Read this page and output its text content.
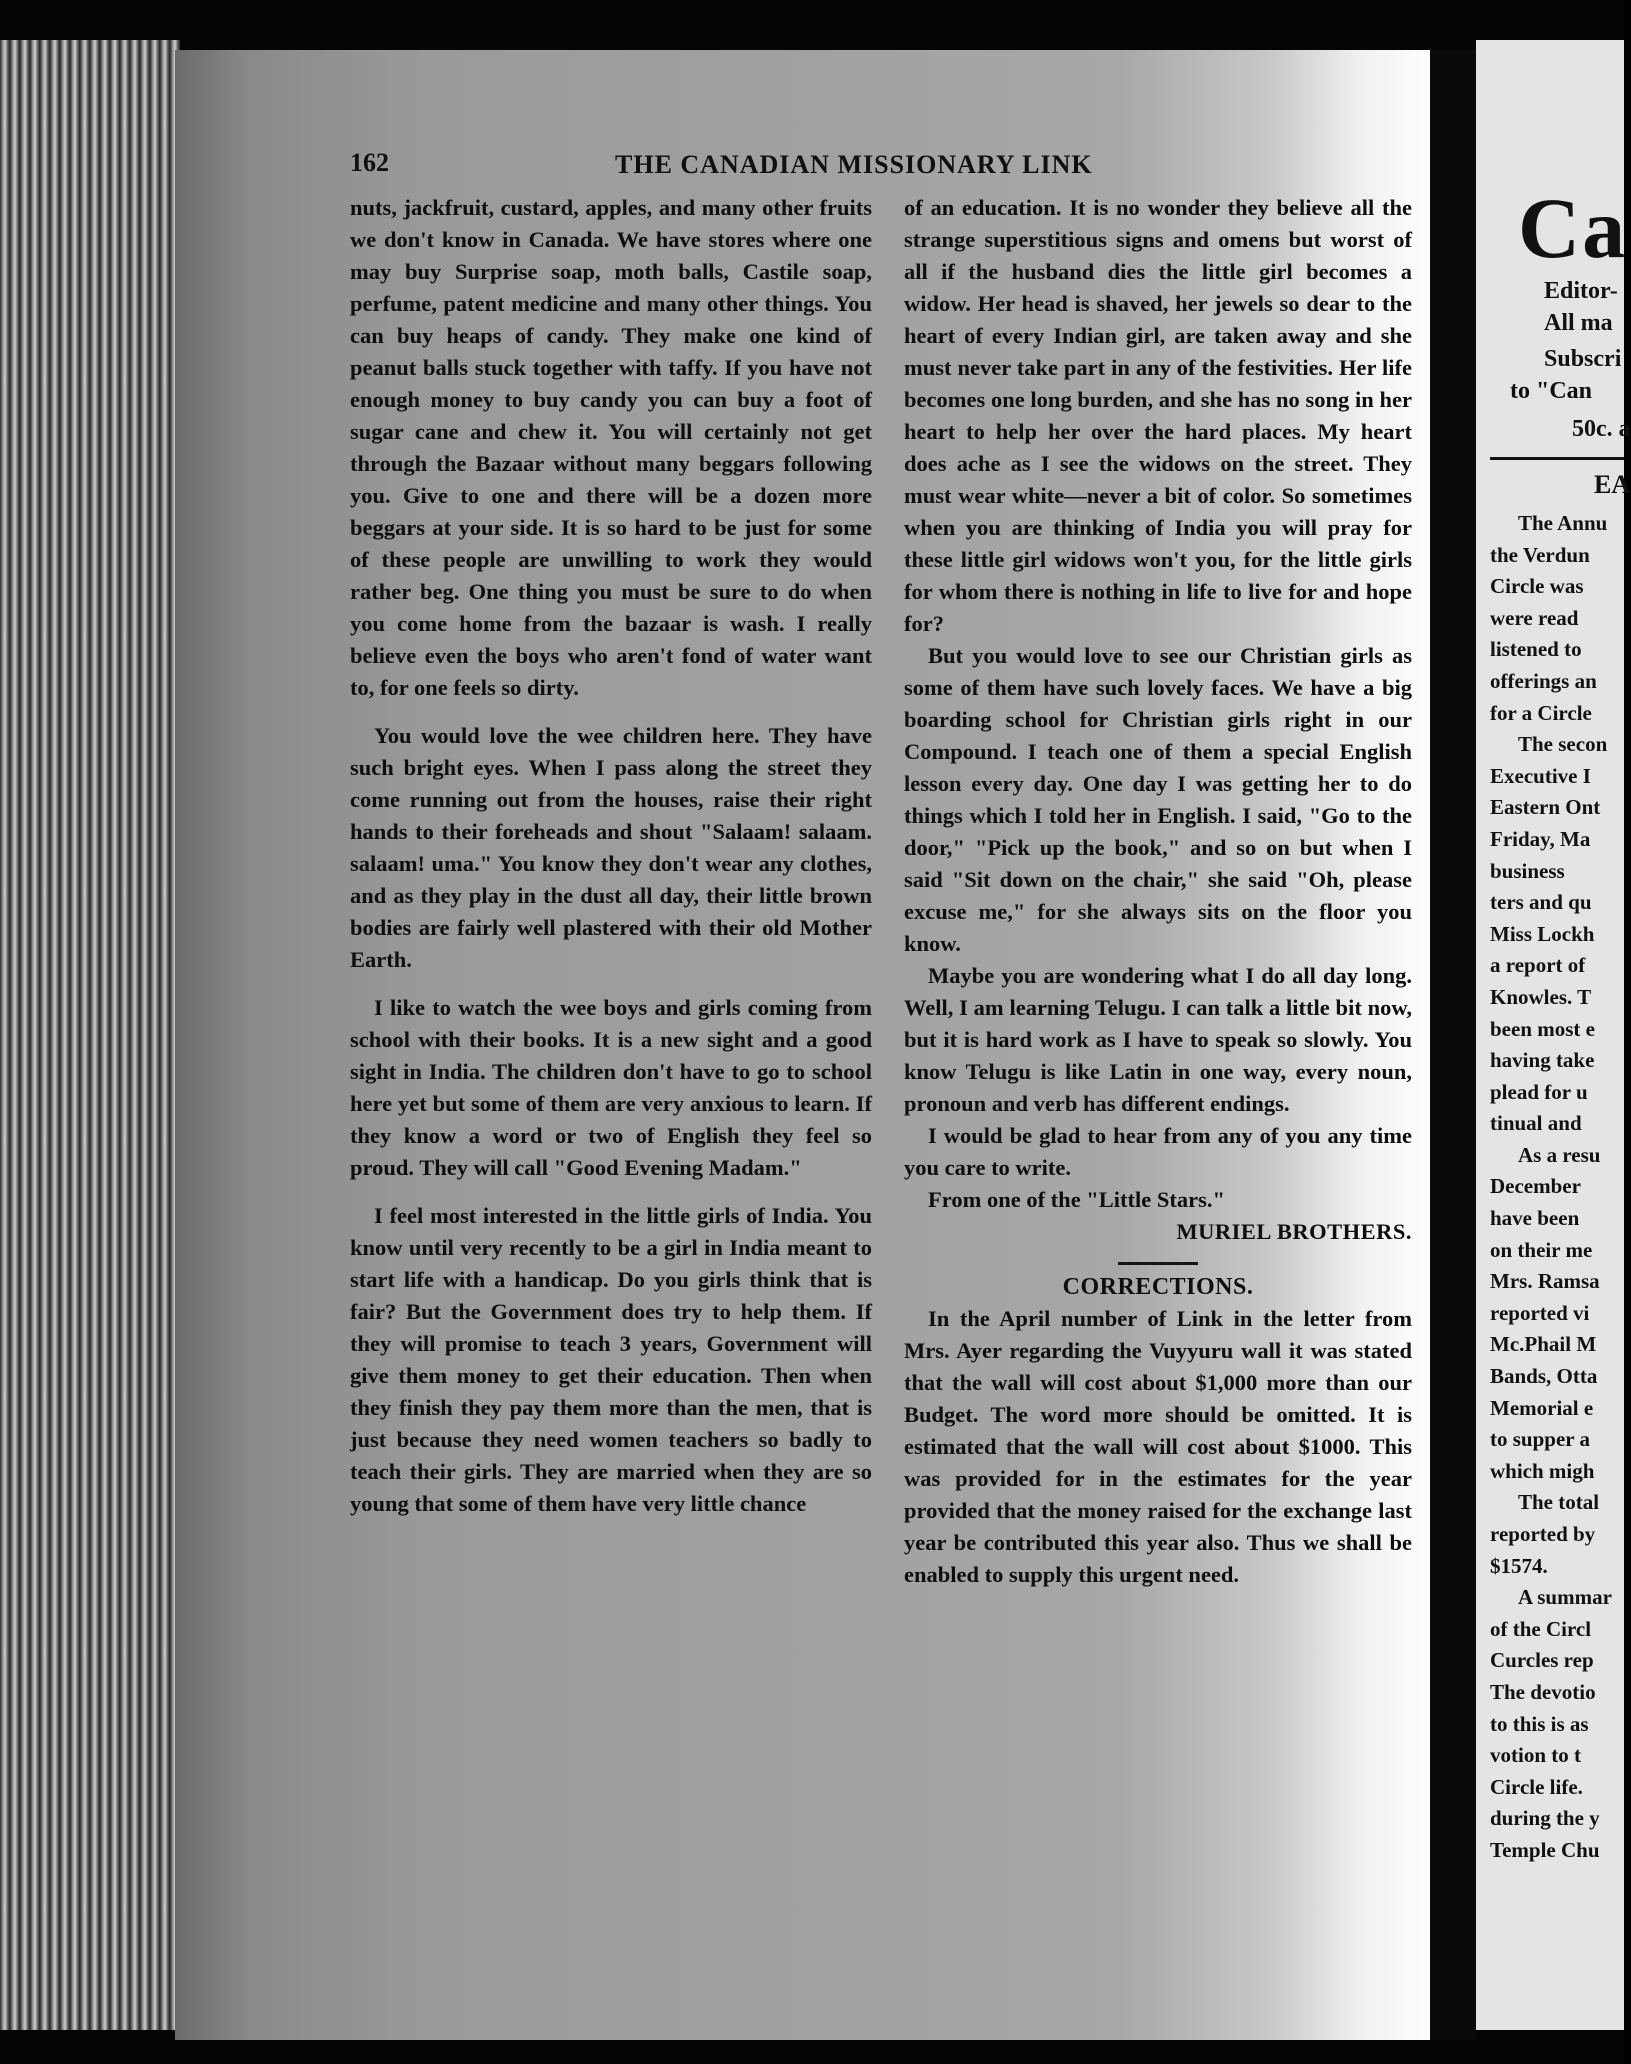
162	THE CANADIAN MISSIONARY LINK

nuts, jackfruit, custard, apples, and many other fruits we don't know in Canada. We have stores where one may buy Surprise soap, moth balls, Castile soap, perfume, patent medicine and many other things. You can buy heaps of candy. They make one kind of peanut balls stuck together with taffy. If you have not enough money to buy candy you can buy a foot of sugar cane and chew it. You will certainly not get through the Bazaar without many beggars following you. Give to one and there will be a dozen more beggars at your side. It is so hard to be just for some of these people are unwilling to work they would rather beg. One thing you must be sure to do when you come home from the bazaar is wash. I really believe even the boys who aren't fond of water want to, for one feels so dirty.

You would love the wee children here. They have such bright eyes. When I pass along the street they come running out from the houses, raise their right hands to their foreheads and shout "Salaam! salaam. salaam! uma." You know they don't wear any clothes, and as they play in the dust all day, their little brown bodies are fairly well plastered with their old Mother Earth.

I like to watch the wee boys and girls coming from school with their books. It is a new sight and a good sight in India. The children don't have to go to school here yet but some of them are very anxious to learn. If they know a word or two of English they feel so proud. They will call "Good Evening Madam."

I feel most interested in the little girls of India. You know until very recently to be a girl in India meant to start life with a handicap. Do you girls think that is fair? But the Government does try to help them. If they will promise to teach 3 years, Government will give them money to get their education. Then when they finish they pay them more than the men, that is just because they need women teachers so badly to teach their girls. They are married when they are so young that some of them have very little chance

of an education. It is no wonder they believe all the strange superstitious signs and omens but worst of all if the husband dies the little girl becomes a widow. Her head is shaved, her jewels so dear to the heart of every Indian girl, are taken away and she must never take part in any of the festivities. Her life becomes one long burden, and she has no song in her heart to help her over the hard places. My heart does ache as I see the widows on the street. They must wear white—never a bit of color. So sometimes when you are thinking of India you will pray for these little girl widows won't you, for the little girls for whom there is nothing in life to live for and hope for?

But you would love to see our Christian girls as some of them have such lovely faces. We have a big boarding school for Christian girls right in our Compound. I teach one of them a special English lesson every day. One day I was getting her to do things which I told her in English. I said, "Go to the door," "Pick up the book," and so on but when I said "Sit down on the chair," she said "Oh, please excuse me," for she always sits on the floor you know.

Maybe you are wondering what I do all day long. Well, I am learning Telugu. I can talk a little bit now, but it is hard work as I have to speak so slowly. You know Telugu is like Latin in one way, every noun, pronoun and verb has different endings.

I would be glad to hear from any of you any time you care to write.

From one of the "Little Stars."

MURIEL BROTHERS.

CORRECTIONS.

In the April number of Link in the letter from Mrs. Ayer regarding the Vuyyuru wall it was stated that the wall will cost about $1,000 more than our Budget. The word more should be omitted. It is estimated that the wall will cost about $1000. This was provided for in the estimates for the year provided that the money raised for the exchange last year be contributed this year also. Thus we shall be enabled to supply this urgent need.

Ca
Editor-
All ma
Subscri
to "Can
50c. a
EA
The Annu
the Verdun
Circle was
were read
listened to
offerings an
for a Circle
The secon
Executive I
Eastern Ont
Friday, Ma
business
ters and qu
Miss Lockh
a report of
Knowles. T
been most e
having take
plead for u
tinual and
As a resu
December
have been
on their me
Mrs. Ramsa
reported vi
Mc.Phail M
Bands, Otta
Memorial e
to supper a
which migh
The total
reported by
$1574.
A summar
of the Circl
Curcles rep
The devotio
to this is as
votion to t
Circle life.
during the y
Temple Chu
